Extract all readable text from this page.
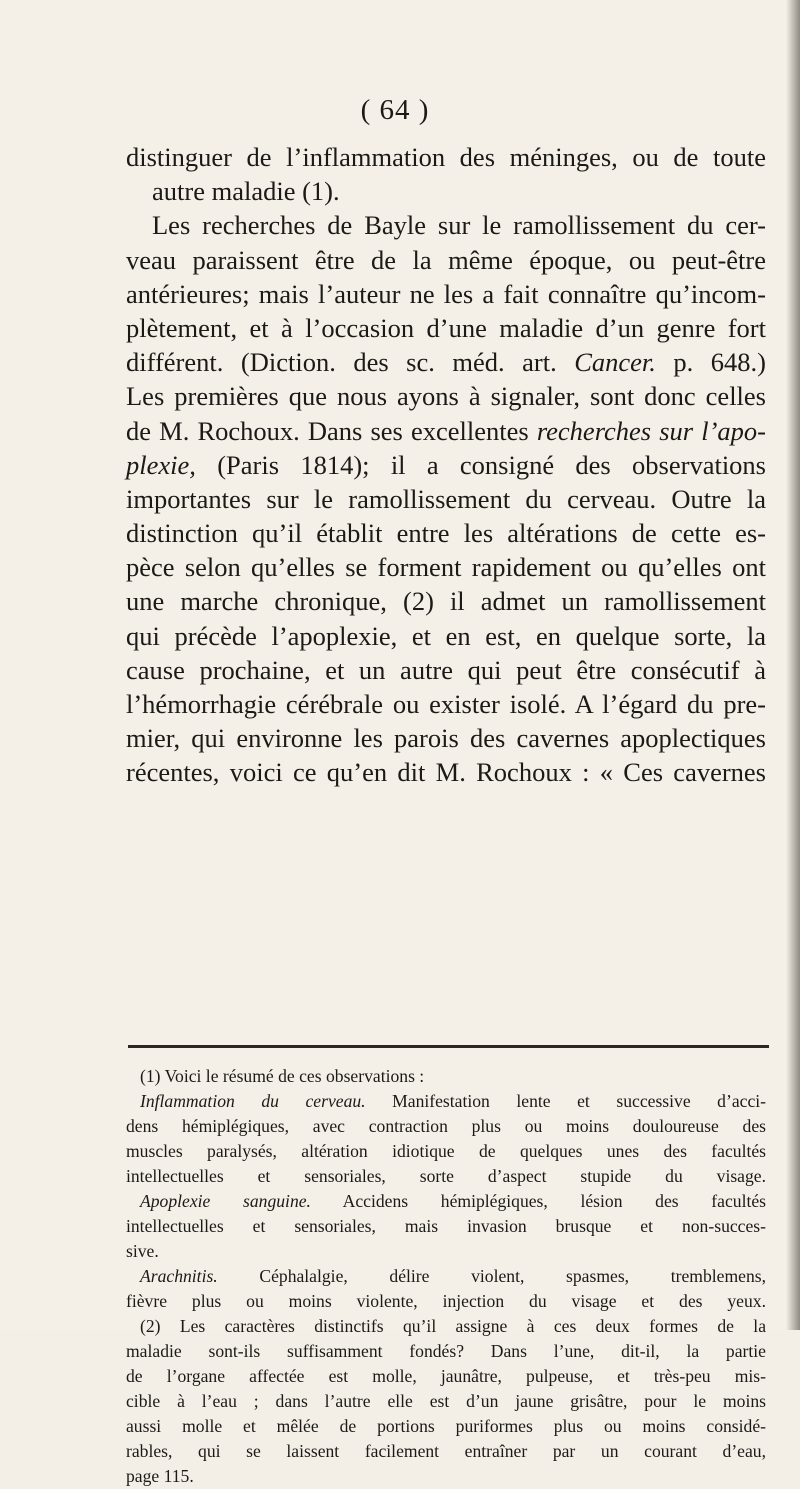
( 64 )
distinguer de l’inflammation des méninges, ou de toute
autre maladie (1).
Les recherches de Bayle sur le ramollissement du cer-
veau paraissent être de la même époque, ou peut-être
antérieures; mais l’auteur ne les a fait connaître qu’incom-
plètement, et à l’occasion d’une maladie d’un genre fort
différent. (Diction. des sc. méd. art. Cancer. p. 648.)
Les premières que nous ayons à signaler, sont donc celles
de M. Rochoux. Dans ses excellentes recherches sur l’apo-
plexie, (Paris 1814); il a consigné des observations
importantes sur le ramollissement du cerveau. Outre la
distinction qu’il établit entre les altérations de cette es-
pèce selon qu’elles se forment rapidement ou qu’elles ont
une marche chronique, (2) il admet un ramollissement
qui précède l’apoplexie, et en est, en quelque sorte, la
cause prochaine, et un autre qui peut être consécutif à
l’hémorrhagie cérébrale ou exister isolé. A l’égard du pre-
mier, qui environne les parois des cavernes apoplectiques
récentes, voici ce qu’en dit M. Rochoux : « Ces cavernes
(1) Voici le résumé de ces observations :
Inflammation du cerveau. Manifestation lente et successive d’acci-
dens hémiplégiques, avec contraction plus ou moins douloureuse des
muscles paralysés, altération idiotique de quelques unes des facultés
intellectuelles et sensoriales, sorte d’aspect stupide du visage.
Apoplexie sanguine. Accidens hémiplégiques, lésion des facultés
intellectuelles et sensoriales, mais invasion brusque et non-succes-
sive.
Arachnitis. Céphalalgie, délire violent, spasmes, tremblemens,
fièvre plus ou moins violente, injection du visage et des yeux.
(2) Les caractères distinctifs qu’il assigne à ces deux formes de la
maladie sont-ils suffisamment fondés? Dans l’une, dit-il, la partie
de l’organe affectée est molle, jaunâtre, pulpeuse, et très-peu mis-
cible à l’eau ; dans l’autre elle est d’un jaune grisâtre, pour le moins
aussi molle et mêlée de portions puriformes plus ou moins considé-
rables, qui se laissent facilement entraîner par un courant d’eau,
page 115.
